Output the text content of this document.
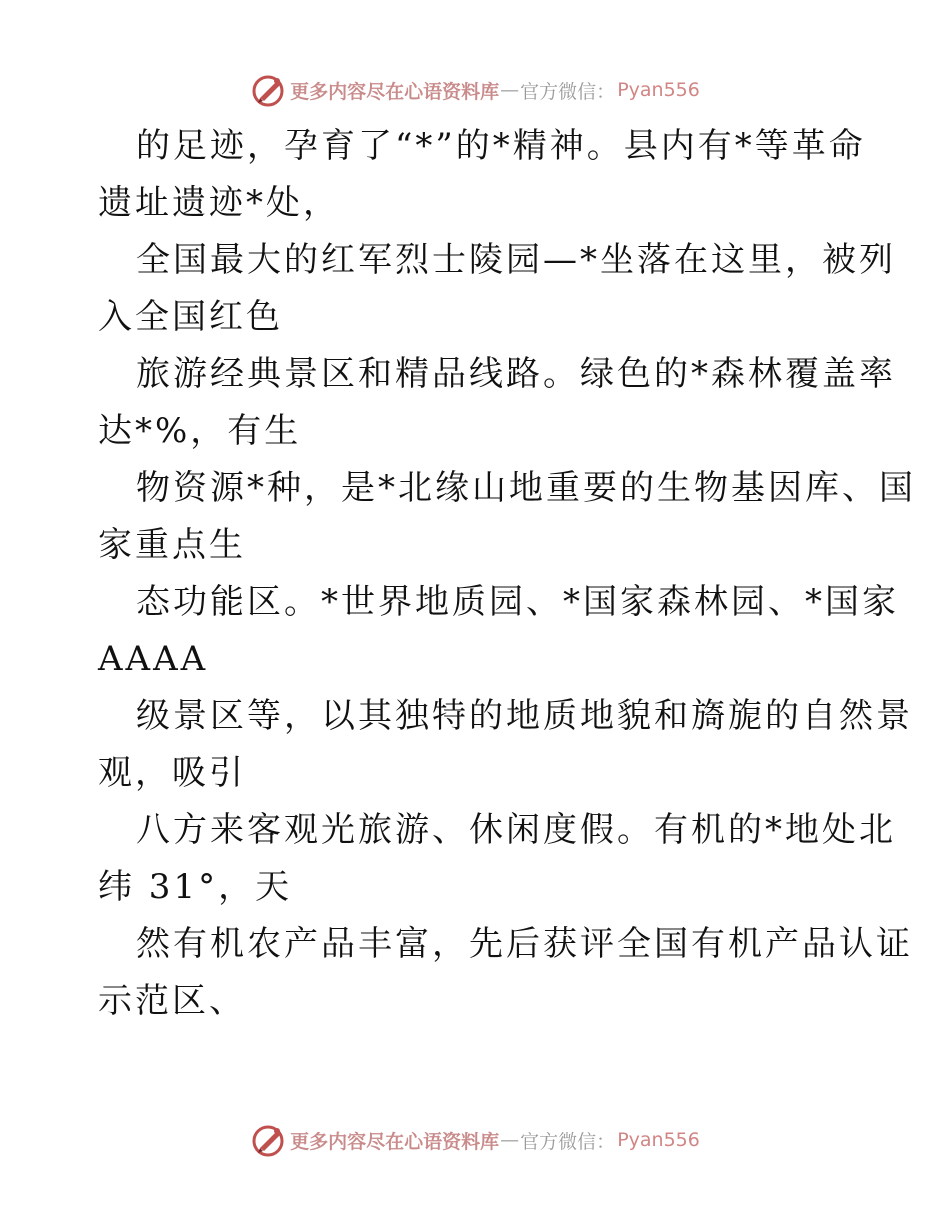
更多内容尽在心语资料库 — 官方微信： Pyan556
的足迹，孕育了“*”的*精神。县内有*等革命
遗址遗迹*处，
全国最大的红军烈士陵园—*坐落在这里，被列
入全国红色
旅游经典景区和精品线路。绿色的*森林覆盖率
达*%，有生
物资源*种，是*北缘山地重要的生物基因库、国
家重点生
态功能区。*世界地质园、*国家森林园、*国家
AAAA
级景区等，以其独特的地质地貌和旖旎的自然景
观，吸引
八方来客观光旅游、休闲度假。有机的*地处北
纬 31°，天
然有机农产品丰富，先后获评全国有机产品认证
示范区、
更多内容尽在心语资料库 — 官方微信： Pyan556
